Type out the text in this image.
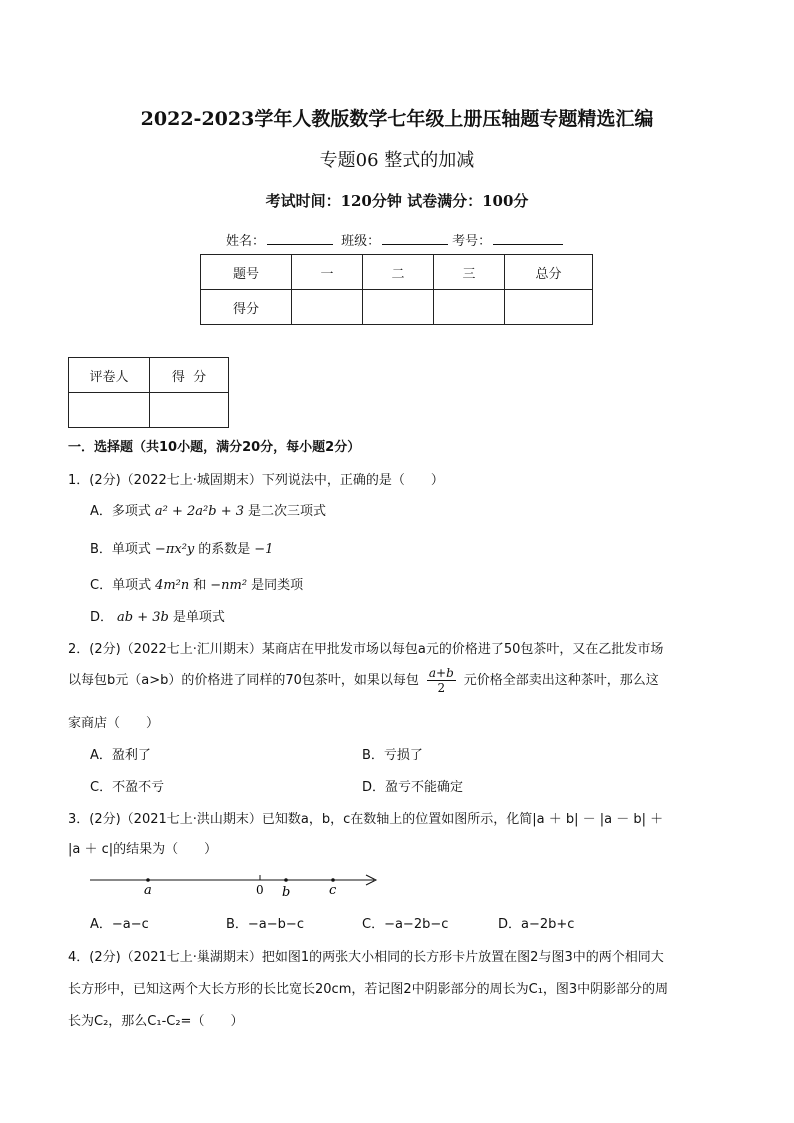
2022-2023学年人教版数学七年级上册压轴题专题精选汇编
专题06 整式的加减
考试时间：120分钟 试卷满分：100分
姓名：	班级：	考号：
题号	一	二	三	总分
得分				
评卷人	得  分

一．选择题（共10小题，满分20分，每小题2分）
1．(2分)（2022七上·城固期末）下列说法中，正确的是（　　）
A．多项式 a² + 2a²b + 3 是二次三项式
B．单项式 −πx²y 的系数是 −1
C．单项式 4m²n 和 −nm² 是同类项
D． ab + 3b 是单项式
2．(2分)（2022七上·汇川期末）某商店在甲批发市场以每包a元的价格进了50包茶叶，又在乙批发市场
以每包b元（a>b）的价格进了同样的70包茶叶，如果以每包 $\frac{a+b}{2}$ 元价格全部卖出这种茶叶，那么这
家商店（　　）
A．盈利了	B．亏损了
C．不盈不亏	D．盈亏不能确定
3．(2分)（2021七上·洪山期末）已知数a，b，c在数轴上的位置如图所示，化简|a ＋ b| － |a － b| ＋
|a ＋ c|的结果为（　　）
a	0 b	c
A．−a−c	B．−a−b−c	C．−a−2b−c	D．a−2b+c
4．(2分)（2021七上·巢湖期末）把如图1的两张大小相同的长方形卡片放置在图2与图3中的两个相同大
长方形中，已知这两个大长方形的长比宽长20cm，若记图2中阴影部分的周长为C₁，图3中阴影部分的周
长为C₂，那么C₁-C₂=（　　）
